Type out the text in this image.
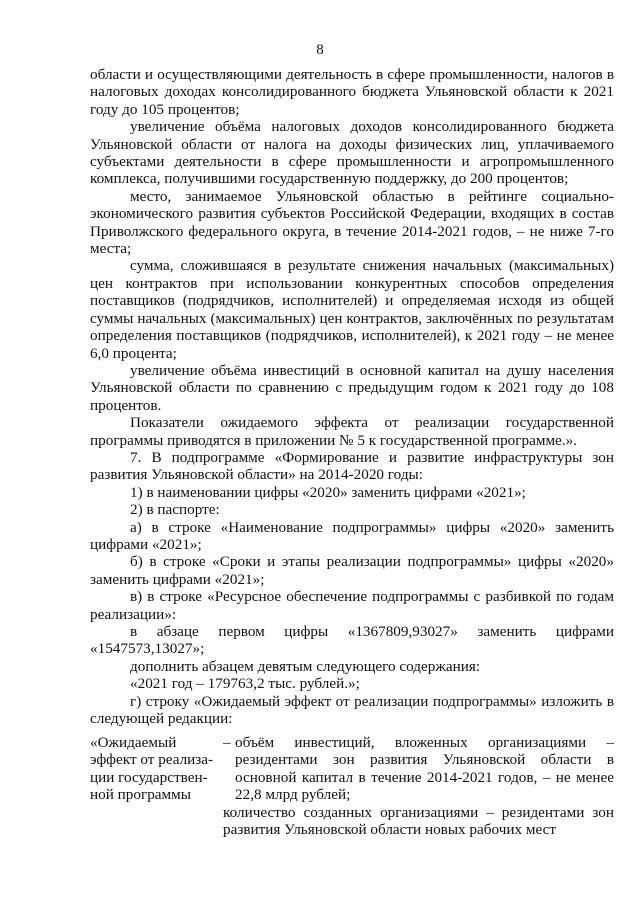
8

области и осуществляющими деятельность в сфере промышленности, налогов в налоговых доходах консолидированного бюджета Ульяновской области к 2021 году до 105 процентов;

увеличение объёма налоговых доходов консолидированного бюджета Ульяновской области от налога на доходы физических лиц, уплачиваемого субъектами деятельности в сфере промышленности и агропромышленного комплекса, получившими государственную поддержку, до 200 процентов;

место, занимаемое Ульяновской областью в рейтинге социально-экономического развития субъектов Российской Федерации, входящих в состав Приволжского федерального округа, в течение 2014-2021 годов, – не ниже 7-го места;

сумма, сложившаяся в результате снижения начальных (максимальных) цен контрактов при использовании конкурентных способов определения поставщиков (подрядчиков, исполнителей) и определяемая исходя из общей суммы начальных (максимальных) цен контрактов, заключённых по результатам определения поставщиков (подрядчиков, исполнителей), к 2021 году – не менее 6,0 процента;

увеличение объёма инвестиций в основной капитал на душу населения Ульяновской области по сравнению с предыдущим годом к 2021 году до 108 процентов.

Показатели ожидаемого эффекта от реализации государственной программы приводятся в приложении № 5 к государственной программе.».

7. В подпрограмме «Формирование и развитие инфраструктуры зон развития Ульяновской области» на 2014-2020 годы:

1) в наименовании цифры «2020» заменить цифрами «2021»;

2) в паспорте:

а) в строке «Наименование подпрограммы» цифры «2020» заменить цифрами «2021»;

б) в строке «Сроки и этапы реализации подпрограммы» цифры «2020» заменить цифрами «2021»;

в) в строке «Ресурсное обеспечение подпрограммы с разбивкой по годам реализации»:

в абзаце первом цифры «1367809,93027» заменить цифрами «1547573,13027»;

дополнить абзацем девятым следующего содержания:

«2021 год – 179763,2 тыс. рублей.»;

г) строку «Ожидаемый эффект от реализации подпрограммы» изложить в следующей редакции:

«Ожидаемый
эффект от реализа-
ции государствен-
ной программы
– объём инвестиций, вложенных организациями – резидентами зон развития Ульяновской области в основной капитал в течение 2014-2021 годов, – не менее 22,8 млрд рублей;

количество созданных организациями – резидентами зон развития Ульяновской области новых рабочих мест
